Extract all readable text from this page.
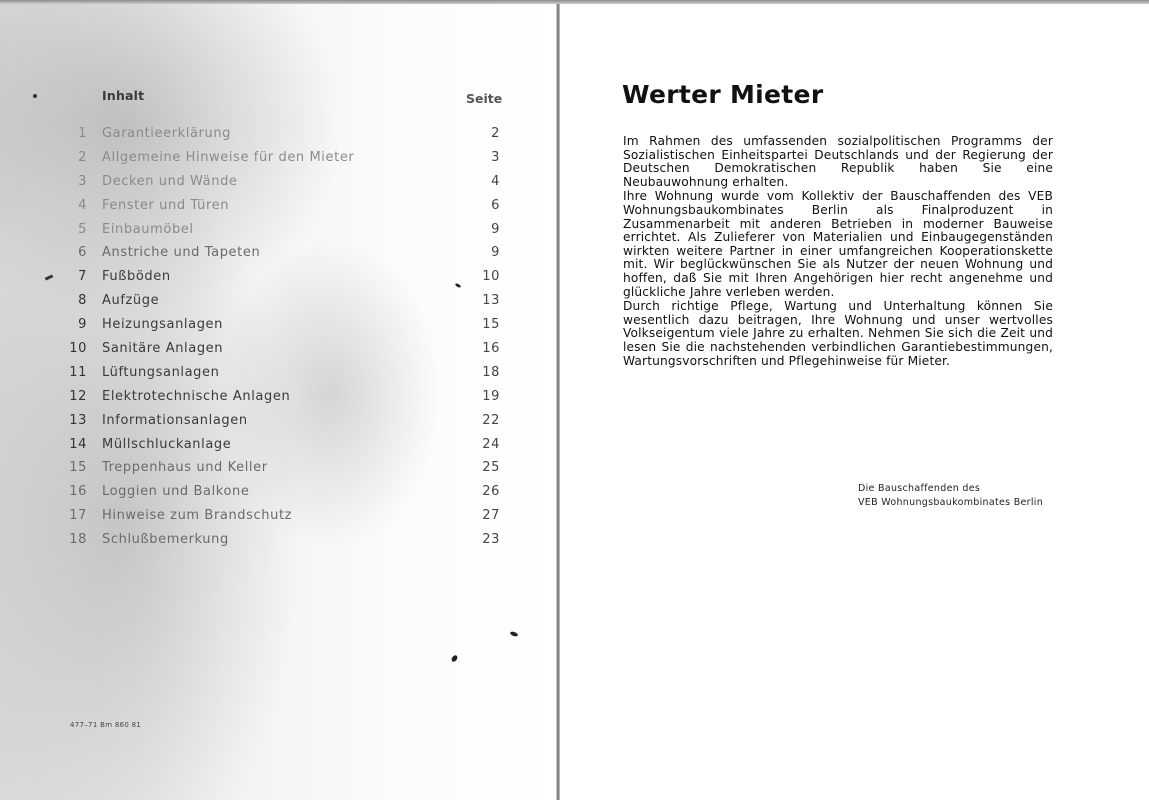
Inhalt	Seite
1 Garantieerklärung	2
2 Allgemeine Hinweise für den Mieter	3
3 Decken und Wände	4
4 Fenster und Türen	6
5 Einbaumöbel	9
6 Anstriche und Tapeten	9
7 Fußböden	10
8 Aufzüge	13
9 Heizungsanlagen	15
10 Sanitäre Anlagen	16
11 Lüftungsanlagen	18
12 Elektrotechnische Anlagen	19
13 Informationsanlagen	22
14 Müllschluckanlage	24
15 Treppenhaus und Keller	25
16 Loggien und Balkone	26
17 Hinweise zum Brandschutz	27
18 Schlußbemerkung	23
477–71 Bm 860 81
Werter Mieter

Im Rahmen des umfassenden sozialpolitischen Programms der Sozialistischen Einheitspartei Deutschlands und der Regierung der Deutschen Demokratischen Republik haben Sie eine Neubauwohnung erhalten.

Ihre Wohnung wurde vom Kollektiv der Bauschaffenden des VEB Wohnungsbaukombinates Berlin als Finalproduzent in Zusammenarbeit mit anderen Betrieben in moderner Bauweise errichtet. Als Zulieferer von Materialien und Einbaugegenständen wirkten weitere Partner in einer umfangreichen Kooperationskette mit. Wir beglückwünschen Sie als Nutzer der neuen Wohnung und hoffen, daß Sie mit Ihren Angehörigen hier recht angenehme und glückliche Jahre verleben werden.

Durch richtige Pflege, Wartung und Unterhaltung können Sie wesentlich dazu beitragen, Ihre Wohnung und unser wertvolles Volkseigentum viele Jahre zu erhalten. Nehmen Sie sich die Zeit und lesen Sie die nachstehenden verbindlichen Garantiebestimmungen, Wartungsvorschriften und Pflegehinweise für Mieter.

Die Bauschaffenden des
VEB Wohnungsbaukombinates Berlin
